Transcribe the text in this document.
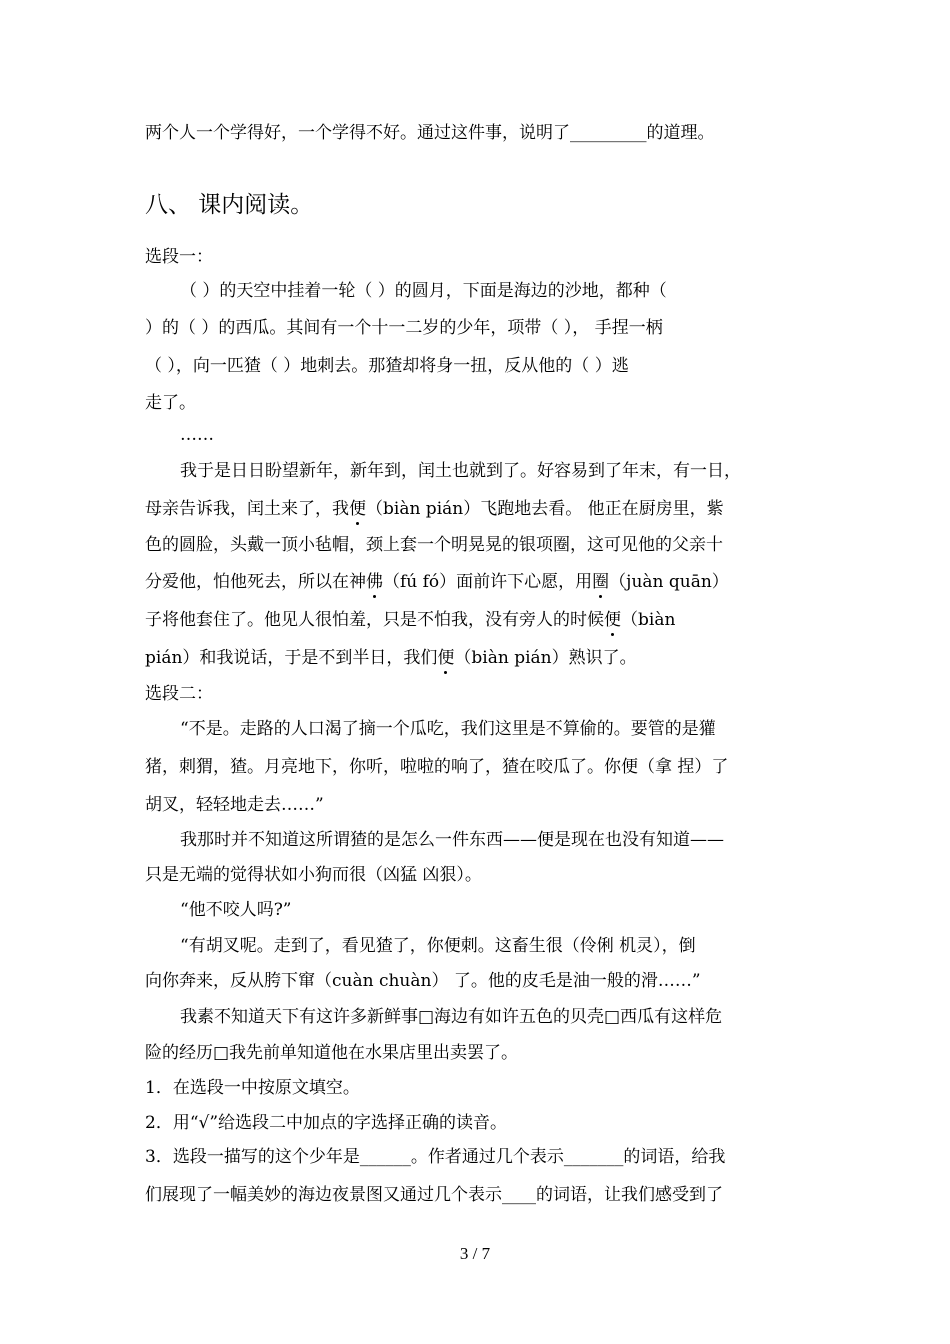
两个人一个学得好，一个学得不好。通过这件事，说明了_________的道理。
八、 课内阅读。
选段一：
（ ）的天空中挂着一轮（ ）的圆月，下面是海边的沙地，都种（
）的（ ）的西瓜。其间有一个十一二岁的少年，项带（ ）， 手捏一柄
（ ），向一匹猹（ ）地刺去。那猹却将身一扭，反从他的（ ）逃
走了。
……
我于是日日盼望新年，新年到，闰土也就到了。好容易到了年末，有一日，
母亲告诉我，闰土来了，我便（biàn pián）飞跑地去看。 他正在厨房里，紫
色的圆脸，头戴一顶小毡帽，颈上套一个明晃晃的银项圈，这可见他的父亲十
分爱他，怕他死去，所以在神佛（fú fó）面前许下心愿，用圈（juàn quān）
子将他套住了。他见人很怕羞，只是不怕我，没有旁人的时候便（biàn
pián）和我说话，于是不到半日，我们便（biàn pián）熟识了。
选段二：
“不是。走路的人口渴了摘一个瓜吃，我们这里是不算偷的。要管的是獾
猪，刺猬，猹。月亮地下，你听，啦啦的响了，猹在咬瓜了。你便（拿 捏）了
胡叉，轻轻地走去……”
我那时并不知道这所谓猹的是怎么一件东西——便是现在也没有知道——
只是无端的觉得状如小狗而很（凶猛 凶狠）。
“他不咬人吗?”
“有胡叉呢。走到了，看见猹了，你便刺。这畜生很（伶俐 机灵），倒
向你奔来，反从胯下窜（cuàn chuàn） 了。他的皮毛是油一般的滑……”
我素不知道天下有这许多新鲜事□海边有如许五色的贝壳□西瓜有这样危
险的经历□我先前单知道他在水果店里出卖罢了。
1．在选段一中按原文填空。
2．用“√”给选段二中加点的字选择正确的读音。
3．选段一描写的这个少年是______。作者通过几个表示_______的词语，给我
们展现了一幅美妙的海边夜景图又通过几个表示____的词语，让我们感受到了
3 / 7
